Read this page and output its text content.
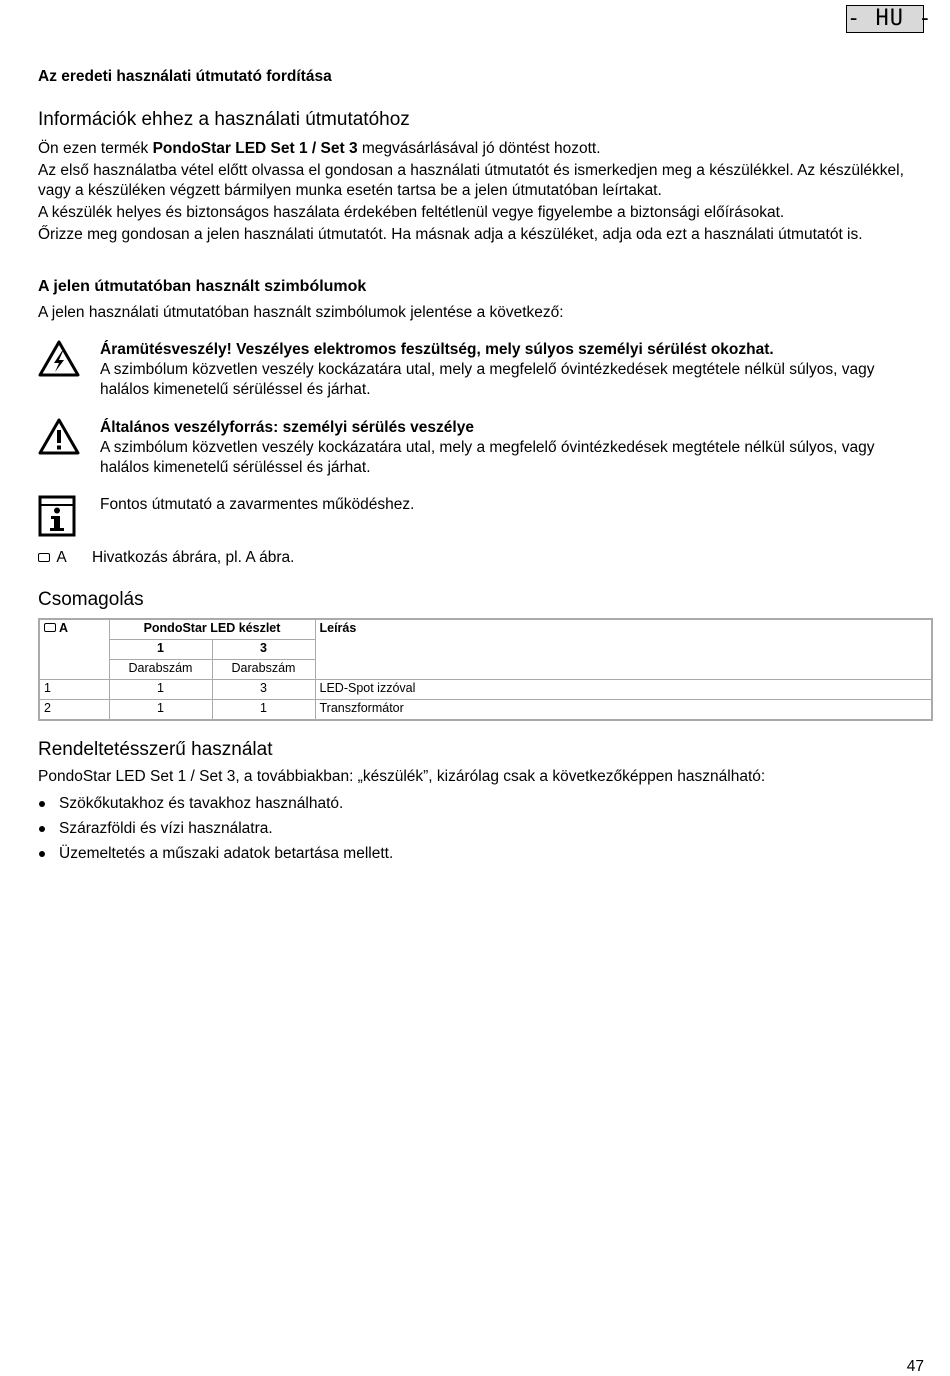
- HU -
Az eredeti használati útmutató fordítása
Információk ehhez a használati útmutatóhoz

Ön ezen termék PondoStar LED Set 1 / Set 3 megvásárlásával jó döntést hozott.

Az első használatba vétel előtt olvassa el gondosan a használati útmutatót és ismerkedjen meg a készülékkel. Az készülékkel, vagy a készüléken végzett bármilyen munka esetén tartsa be a jelen útmutatóban leírtakat.

A készülék helyes és biztonságos haszálata érdekében feltétlenül vegye figyelembe a biztonsági előírásokat.

Őrizze meg gondosan a jelen használati útmutatót. Ha másnak adja a készüléket, adja oda ezt a használati útmutatót is.

A jelen útmutatóban használt szimbólumok
A jelen használati útmutatóban használt szimbólumok jelentése a következő:
Áramütésveszély! Veszélyes elektromos feszültség, mely súlyos személyi sérülést okozhat.
A szimbólum közvetlen veszély kockázatára utal, mely a megfelelő óvintézkedések megtétele nélkül súlyos, vagy halálos kimenetelű sérüléssel és járhat.
Általános veszélyforrás: személyi sérülés veszélye
A szimbólum közvetlen veszély kockázatára utal, mely a megfelelő óvintézkedések megtétele nélkül súlyos, vagy halálos kimenetelű sérüléssel és járhat.
Fontos útmutató a zavarmentes működéshez.
A Hivatkozás ábrára, pl. A ábra.
Csomagolás
A	PondoStar LED készlet		Leírás
	1	3	
	Darabszám	Darabszám	
1	1	3	LED-Spot izzóval
2	1	1	Transzformátor
Rendeltetésszerű használat
PondoStar LED Set 1 / Set 3, a továbbiakban: „készülék”, kizárólag csak a következőképpen használható:
Szökőkutakhoz és tavakhoz használható.
Szárazföldi és vízi használatra.
Üzemeltetés a műszaki adatok betartása mellett.
47
